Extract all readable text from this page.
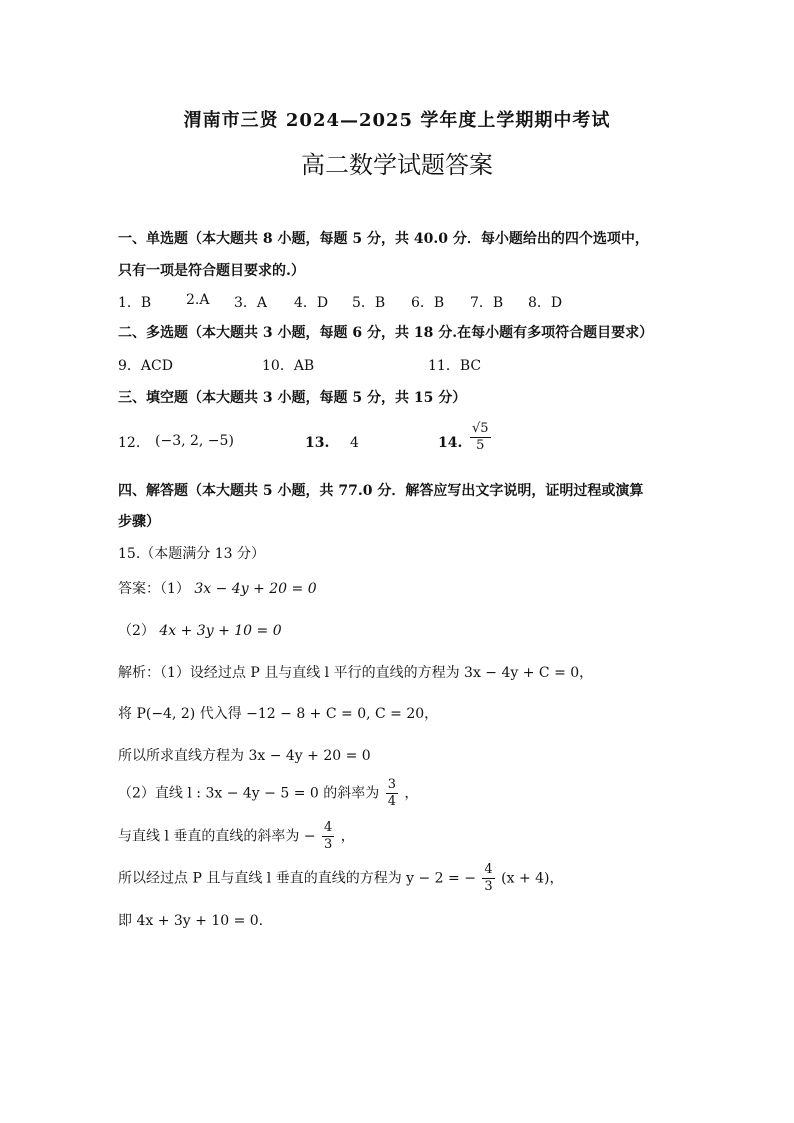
渭南市三贤 2024—2025 学年度上学期期中考试
高二数学试题答案
一、单选题（本大题共 8 小题，每题 5 分，共 40.0 分．每小题给出的四个选项中，
只有一项是符合题目要求的.）
1．B 2.A 3．A 4．D 5．B 6．B 7．B 8．D
二、多选题（本大题共 3 小题，每题 6 分，共 18 分.在每小题有多项符合题目要求）
9．ACD	10．AB	11．BC
三、填空题（本大题共 3 小题，每题 5 分，共 15 分）
12. (−3, 2, −5)	13. 4	14. $\frac{√5}{5}$
四、解答题（本大题共 5 小题，共 77.0 分．解答应写出文字说明，证明过程或演算
步骤）
15.（本题满分 13 分）
答案：（1） 3x − 4y + 20 = 0
（2） 4x + 3y + 10 = 0
解析：（1）设经过点 P 且与直线 l 平行的直线的方程为 3x − 4y + C = 0，
将 P(−4, 2) 代入得 −12 − 8 + C = 0, C = 20，
所以所求直线方程为 3x − 4y + 20 = 0
（2）直线 l : 3x − 4y − 5 = 0 的斜率为 $\frac{3}{4}$ ，
与直线 l 垂直的直线的斜率为 − $\frac{4}{3}$ ，
所以经过点 P 且与直线 l 垂直的直线的方程为 y − 2 = − $\frac{4}{3} (x + 4)$，
即 4x + 3y + 10 = 0.
